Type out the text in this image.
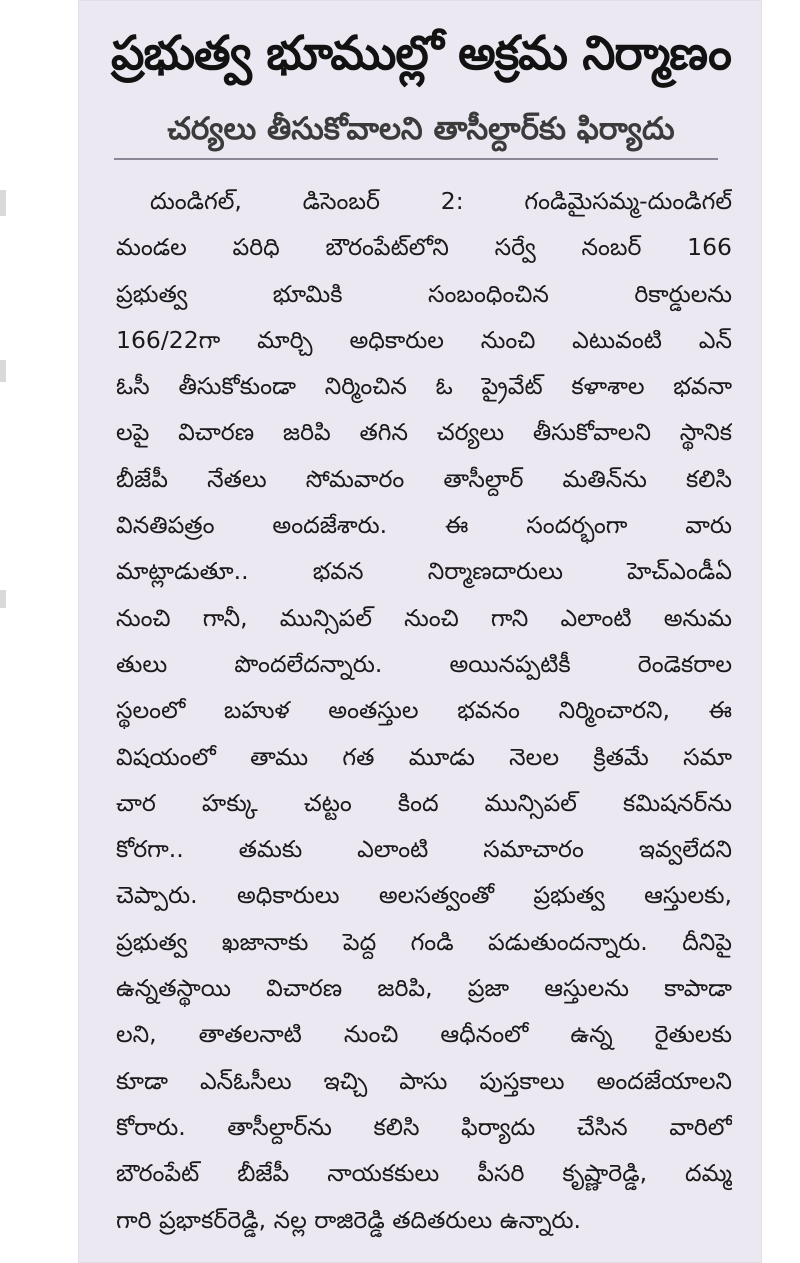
ప్రభుత్వ భూముల్లో అక్రమ నిర్మాణం
చర్యలు తీసుకోవాలని తాసీల్దార్‌కు ఫిర్యాదు
దుండిగల్, డిసెంబర్ 2: గండిమైసమ్మ-దుండిగల్
మండల పరిధి బౌరంపేట్‌లోని సర్వే నంబర్ 166
ప్రభుత్వ భూమికి సంబంధించిన రికార్డులను
166/22గా మార్చి అధికారుల నుంచి ఎటువంటి ఎన్
ఓసీ తీసుకోకుండా నిర్మించిన ఓ ప్రైవేట్ కళాశాల భవనా
లపై విచారణ జరిపి తగిన చర్యలు తీసుకోవాలని స్థానిక
బీజేపీ నేతలు సోమవారం తాసీల్దార్ మతిన్‌ను కలిసి
వినతిపత్రం అందజేశారు. ఈ సందర్భంగా వారు
మాట్లాడుతూ.. భవన నిర్మాణదారులు హెచ్ఎండీఏ
నుంచి గానీ, మున్సిపల్ నుంచి గాని ఎలాంటి అనుమ
తులు పొందలేదన్నారు. అయినప్పటికీ రెండెకరాల
స్థలంలో బహుళ అంతస్తుల భవనం నిర్మించారని, ఈ
విషయంలో తాము గత మూడు నెలల క్రితమే సమా
చార హక్కు చట్టం కింద మున్సిపల్ కమిషనర్‌ను
కోరగా.. తమకు ఎలాంటి సమాచారం ఇవ్వలేదని
చెప్పారు. అధికారులు అలసత్వంతో ప్రభుత్వ ఆస్తులకు,
ప్రభుత్వ ఖజానాకు పెద్ద గండి పడుతుందన్నారు. దీనిపై
ఉన్నతస్థాయి విచారణ జరిపి, ప్రజా ఆస్తులను కాపాడా
లని, తాతలనాటి నుంచి ఆధీనంలో ఉన్న రైతులకు
కూడా ఎన్ఓసీలు ఇచ్చి పాసు పుస్తకాలు అందజేయాలని
కోరారు. తాసీల్దార్‌ను కలిసి ఫిర్యాదు చేసిన వారిలో
బౌరంపేట్ బీజేపీ నాయకకులు పీసరి కృష్ణారెడ్డి, దమ్మ
గారి ప్రభాకర్‌రెడ్డి, నల్ల రాజిరెడ్డి తదితరులు ఉన్నారు.
